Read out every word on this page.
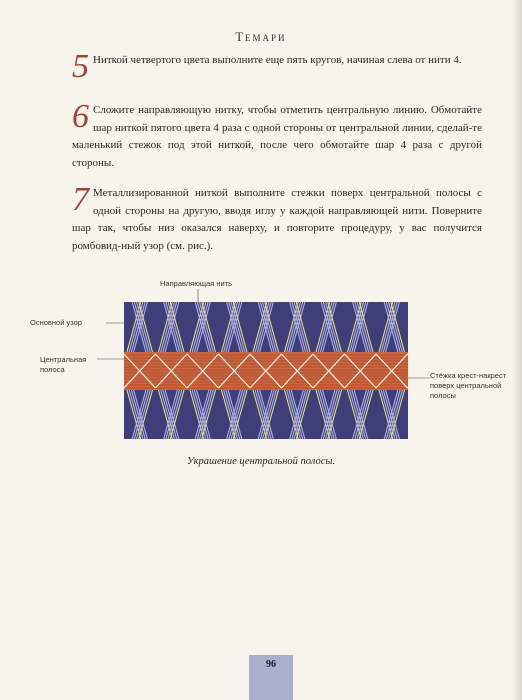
Темари
5 Ниткой четвертого цвета выполните еще пять кругов, начиная слева от нити 4.

6 Сложите направляющую нитку, чтобы отметить центральную линию. Обмотайте шар ниткой пятого цвета 4 раза с одной стороны от центральной линии, сделай-те маленький стежок под этой ниткой, после чего обмотайте шар 4 раза с другой стороны.

7 Металлизированной ниткой выполните стежки поверх центральной полосы с одной стороны на другую, вводя иглу у каждой направляющей нити. Поверните шар так, чтобы низ оказался наверху, и повторите процедуру, у вас получится ромбовид-ный узор (см. рис.).

Направляющая нить
Основной узор
Центральная
полоса
Стёжка крест-накрест
поверх центральной
полосы
Украшение центральной полосы.
96
